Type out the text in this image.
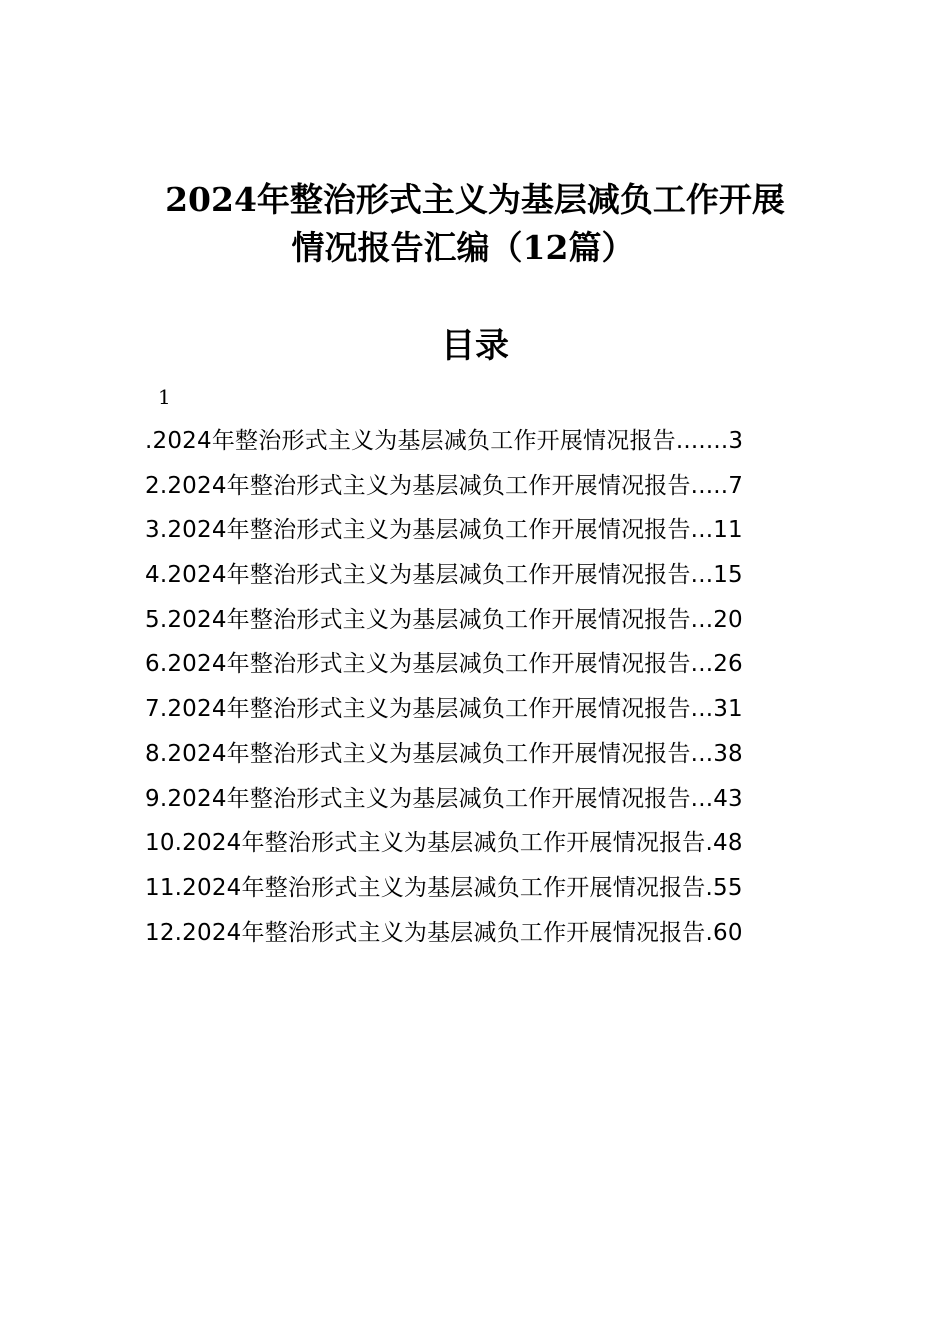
2024年整治形式主义为基层减负工作开展
情况报告汇编（12篇）
目录
1
.2024年整治形式主义为基层减负工作开展情况报告.......3
2.2024年整治形式主义为基层减负工作开展情况报告.....7
3.2024年整治形式主义为基层减负工作开展情况报告...11
4.2024年整治形式主义为基层减负工作开展情况报告...15
5.2024年整治形式主义为基层减负工作开展情况报告...20
6.2024年整治形式主义为基层减负工作开展情况报告...26
7.2024年整治形式主义为基层减负工作开展情况报告...31
8.2024年整治形式主义为基层减负工作开展情况报告...38
9.2024年整治形式主义为基层减负工作开展情况报告...43
10.2024年整治形式主义为基层减负工作开展情况报告.48
11.2024年整治形式主义为基层减负工作开展情况报告.55
12.2024年整治形式主义为基层减负工作开展情况报告.60
